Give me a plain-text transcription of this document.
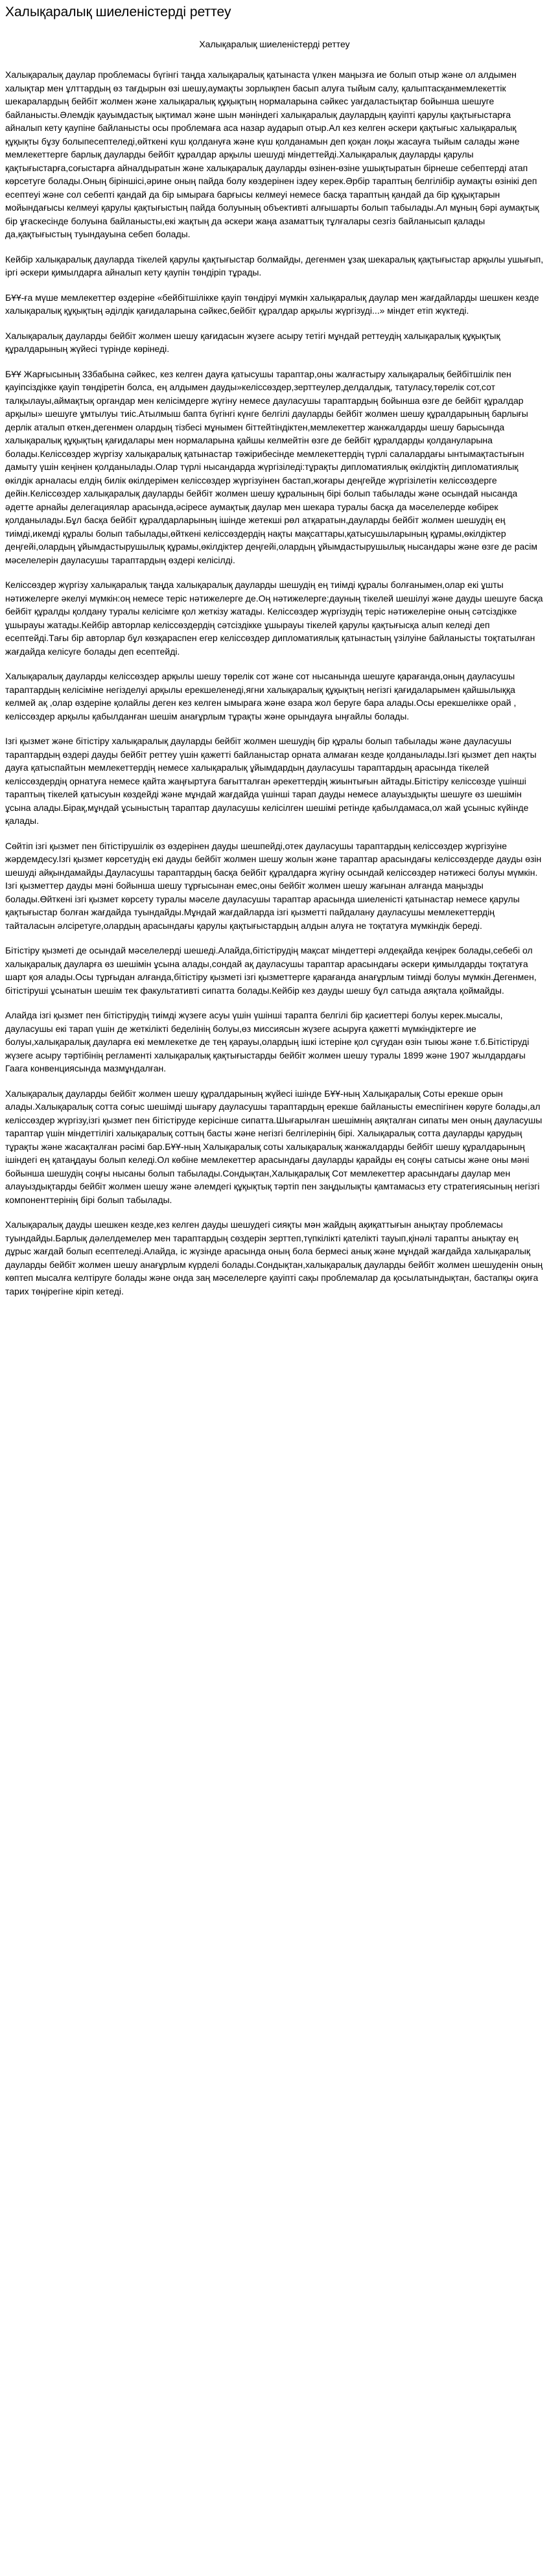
Халықаралық шиеленістерді реттеу
Халықаралық шиеленістерді реттеу

Халықаралық даулар проблемасы бүгінгі таңда халықаралық қатынаста үлкен маңызға ие болып отыр және ол алдымен халықтар мен ұлттардың өз тағдырын өзі шешу,аумақты зорлықпен басып алуға тыйым салу, қалыптасқанмемлекеттік шекаралардың бейбіт жолмен және халықаралық құқықтың нормаларына сәйкес уағдаластықтар бойынша шешуге байланысты.Әлемдік қауымдастық ықтимал және шын мәніндегі халықаралық даулардың қауіпті қарулы қақтығыстарға айналып кету қаупіне байланысты осы проблемаға аса назар аударып отыр.Ал кез келген әскери қақтығыс халықаралық құқықты бұзу болыпесептеледі,өйткені күш қолдануға және күш қолданамын деп қоқан лоқы жасауға тыйым салады және мемлекеттерге барлық дауларды бейбіт құралдар арқылы шешуді міндеттейді.Халықаралық дауларды қарулы қақтығыстарға,соғыстарға айналдыратын және халықаралық дауларды өзінен-өзіне ушықтыратын бірнеше себептерді атап көрсетуге болады.Оның біріншісі,әрине оның пайда болу көздерінен іздеу керек.Әрбір тараптың белгілібір аумақты өзінікі деп есептеуі және сол себепті қандай да бір ымыраға барғысы келмеуі немесе басқа тараптың қандай да бір құқықтарын мойындағысы келмеуі қарулы қақтығыстың пайда болуының объективті алғышарты болып табылады.Ал мұның бәрі аумақтық бір ұғаскесінде болуына байланысты,екі жақтың да әскери жаңа азаматтық тұлғалары сезгіз байланысып қалады да,қақтығыстың туындауына себеп болады.

Кейбір халықаралық дауларда тікелей қарулы қақтығыстар болмайды, дегенмен ұзақ шекаралық қақтығыстар арқылы ушығып, іргі әскери қимылдарға айналып кету қаупін төндіріп тұрады.

БҰҰ-ға мүше мемлекеттер өздеріне «бейбітшілікке қауіп төндіруі мүмкін халықаралық даулар мен жағдайларды шешкен кезде халықаралық құқықтың әділдік қағидаларына сәйкес,бейбіт құралдар арқылы жүргізуді...» міндет етіп жүктеді.

Халықаралық дауларды бейбіт жолмен шешу қағидасын жүзеге асыру тетігі мұндай реттеудің халықаралық құқықтық құралдарының жүйесі түрінде көрінеді.

БҰҰ Жарғысының 33бабына сәйкес, кез келген дауға қатысушы тараптар,оны жалғастыру халықаралық бейбітшілік пен қауіпсіздікке қауіп төндіретін болса, ең алдымен дауды»келіссөздер,зерттеулер,делдалдық, татуласу,төрелік сот,сот талқылауы,аймақтық органдар мен келісімдерге жүгіну немесе дауласушы тараптардың бойынша өзге де бейбіт құралдар арқылы» шешуге ұмтылуы тиіс.Атылмыш бапта бүгінгі күнге белгілі дауларды бейбіт жолмен шешу құралдарының барлығы дерлік аталып өткен,дегенмен олардың тізбесі мұнымен біттейтіндіктен,мемлекеттер жанжалдарды шешу барысында халықаралық құқықтың қағидалары мен нормаларына қайшы келмейтін өзге де бейбіт құралдарды қолдануларына болады.Келіссөздер жүргізу халықаралық қатынастар тәжірибесінде мемлекеттердің түрлі салалардағы ынтымақтастығын дамыту үшін кеңінен қолданылады.Олар түрлі нысандарда жүргізіледі:тұрақты дипломатиялық өкілдіктің дипломатиялық өкілдік арналасы елдің билік өкілдерімен келіссөздер жүргізуінен бастап,жоғары деңгейде жүргізілетін келіссөздерге дейін.Келіссөздер халықаралық дауларды бейбіт жолмен шешу құралының бірі болып табылады және осындай нысанда әдетте арнайы делегациялар арасында,әсіресе аумақтық даулар мен шекара туралы басқа да мәселелерде көбірек қолданылады.Бұл басқа бейбіт құралдарларының ішінде жетекші рөл атқаратын,дауларды бейбіт жолмен шешудің ең тиімді,икемді құралы болып табылады,өйткені келіссөздердің нақты мақсаттары,қатысушыларының құрамы,өкілдіктер деңгейі,олардың ұйымдастырушылық құрамы,өкілдіктер деңгейі,олардың ұйымдастырушылық нысандары және өзге де расім мәселелерін дауласушы тараптардың өздері келісілді.

Келіссөздер жүргізу халықаралық таңда халықаралық дауларды шешудің ең тиімді құралы болғанымен,олар екі ұшты нәтижелерге әкелуі мүмкін:оң немесе теріс нәтижелерге де.Оң нәтижелерге:дауның тікелей шешілуі және дауды шешуге басқа бейбіт құралды қолдану туралы келісімге қол жеткізу жатады. Келіссөздер жүргізудің теріс нәтижелеріне оның сәтсіздікке ұшырауы жатады.Кейбір авторлар келіссөздердің сәтсіздікке ұшырауы тікелей қарулы қақтығысқа алып келеді деп есептейді.Тағы бір авторлар бұл көзқараспен егер келіссөздер дипломатиялық қатынастың үзілуіне байланысты тоқтатылған жағдайда келісуге болады деп есептейді.

Халықаралық дауларды келіссөздер арқылы шешу төрелік сот және сот нысанында шешуге қарағанда,оның дауласушы тараптардың келісіміне негізделуі арқылы ерекшеленеді,ягни халықаралық құқықтың негізгі қағидаларымен қайшылыққа келмей ақ ,олар өздеріне қолайлы деген кез келген ымыраға және өзара жол беруге бара алады.Осы ерекшелікке орай , келіссөздер арқылы қабылданған шешім анағұрлым тұрақты және орындауға ыңғайлы болады.

Ізгі қызмет және бітістіру халықаралық дауларды бейбіт жолмен шешудің бір құралы болып табылады және дауласушы тараптардың өздері дауды бейбіт реттеу үшін қажетті байланыстар орната алмаған кезде қолданылады.Ізгі қызмет деп нақты дауға қатыспайтын мемлекеттердің немесе халықаралық ұйымдардың дауласушы тараптардың арасында тікелей келіссөздердің орнатуға немесе қайта жаңғыртуға бағытталған әрекеттердің жиынтығын айтады.Бітістіру келіссөзде үшінші тараптың тікелей қатысуын көздейді және мұндай жағдайда үшінші тарап дауды немесе алауыздықты шешуге өз шешімін ұсына алады.Бірақ,мұндай ұсыныстың тараптар дауласушы келісілген шешімі ретінде қабылдамаса,ол жай ұсыныс күйінде қалады.

Сөйтіп ізгі қызмет пен бітістірушілік өз өздерінен дауды шешпейді,отек дауласушы тараптардың келіссөздер жүргізуіне жәрдемдесу.Ізгі қызмет көрсетудің екі дауды бейбіт жолмен шешу жолын және тараптар арасындағы келіссөздерде дауды өзін шешуді айқындамайды.Дауласушы тараптардың басқа бейбіт құралдарға жүгіну осындай келіссөздер нәтижесі болуы мүмкін. Ізгі қызметтер дауды мәні бойынша шешу тұрғысынан емес,оны бейбіт жолмен шешу жағынан алғанда маңызды болады.Өйткені ізгі қызмет көрсету туралы мәселе дауласушы тараптар арасында шиеленісті қатынастар немесе қарулы қақтығыстар болған жағдайда туындайды.Мұндай жағдайларда ізгі қызметті пайдалану дауласушы мемлекеттердің тайталасын әлсіретуге,олардың арасындағы қарулы қақтығыстардың алдын алуға не тоқтатуға мүмкіндік береді.

Бітістіру қызметі де осындай мәселелерді шешеді.Алайда,бітістірудің мақсат міндеттері әлдеқайда кеңірек болады,себебі ол халықаралық дауларға өз шешімін ұсына алады,сондай ақ дауласушы тараптар арасындағы әскери қимылдарды тоқтатуға шарт қоя алады.Осы тұрғыдан алғанда,бітістіру қызметі ізгі қызметтерге қарағанда анағұрлым тиімді болуы мүмкін.Дегенмен, бітістіруші ұсынатын шешім тек факультативті сипатта болады.Кейбір кез дауды шешу бұл сатыда аяқтала қоймайды.

Алайда ізгі қызмет пен бітістірудің тиімді жүзеге асуы үшін үшінші тарапта белгілі бір қасиеттері болуы керек.мысалы, дауласушы екі тарап үшін де жеткілікті беделінің болуы,өз миссиясын жүзеге асыруға қажетті мүмкіндіктерге ие болуы,халықаралық дауларға екі мемлекетке де тең қарауы,олардың ішкі істеріне қол сұғудан өзін тыюы және т.б.Бітістіруді жүзеге асыру тәртібінің регламенті халықаралық қақтығыстарды бейбіт жолмен шешу туралы 1899 және 1907 жылдардағы Гаага конвенциясында мазмұндалған.

Халықаралық дауларды бейбіт жолмен шешу құралдарының жүйесі ішінде БҰҰ-ның Халықаралық Соты ерекше орын алады.Халықаралық сотта соғыс шешімді шығару дауласушы тараптардың ерекше байланысты емеспігінен көруге болады,ал келіссөздер жүргізу,ізгі қызмет пен бітістіруде керісінше сипатта.Шығарылған шешімнің аяқталған сипаты мен оның дауласушы тараптар үшін міндеттілігі халықаралық соттың басты және негізгі белгілерінің бірі. Халықаралық сотта дауларды қарудың тұрақты және жасақталған рәсімі бар.БҰҰ-ның Халықаралық соты халықаралық жанжалдарды бейбіт шешу құралдарының ішіндегі ең қатаңдауы болып келеді.Ол көбіне мемлекеттер арасындағы дауларды қарайды ең соңғы сатысы және оны мәні бойынша шешудің соңғы нысаны болып табылады.Сондықтан,Халықаралық Сот мемлекеттер арасындағы даулар мен алауыздықтарды бейбіт жолмен шешу және әлемдегі құқықтық тәртіп пен заңдылықты қамтамасыз ету стратегиясының негізгі компоненттерінің бірі болып табылады.

Халықаралық дауды шешкен кезде,кез келген дауды шешудегі сияқты мән жайдың ақиқаттығын анықтау проблемасы туындайды.Барлық дәлелдемелер мен тараптардың сөздерін зерттеп,түпкілікті қателікті тауып,қінәлі тарапты анықтау ең дұрыс жағдай болып есептеледі.Алайда, іс жүзінде арасында оның бола бермесі анық және мұндай жағдайда халықаралық дауларды бейбіт жолмен шешу анағұрлым күрделі болады.Сондықтан,халықаралық дауларды бейбіт жолмен шешуденін оның көптеп мысалға келтіруге болады және онда заң мәселелерге қауіпті сақы проблемалар да қосылатындықтан, бастапқы оқиға тарих төңірегіне кіріп кетеді.
